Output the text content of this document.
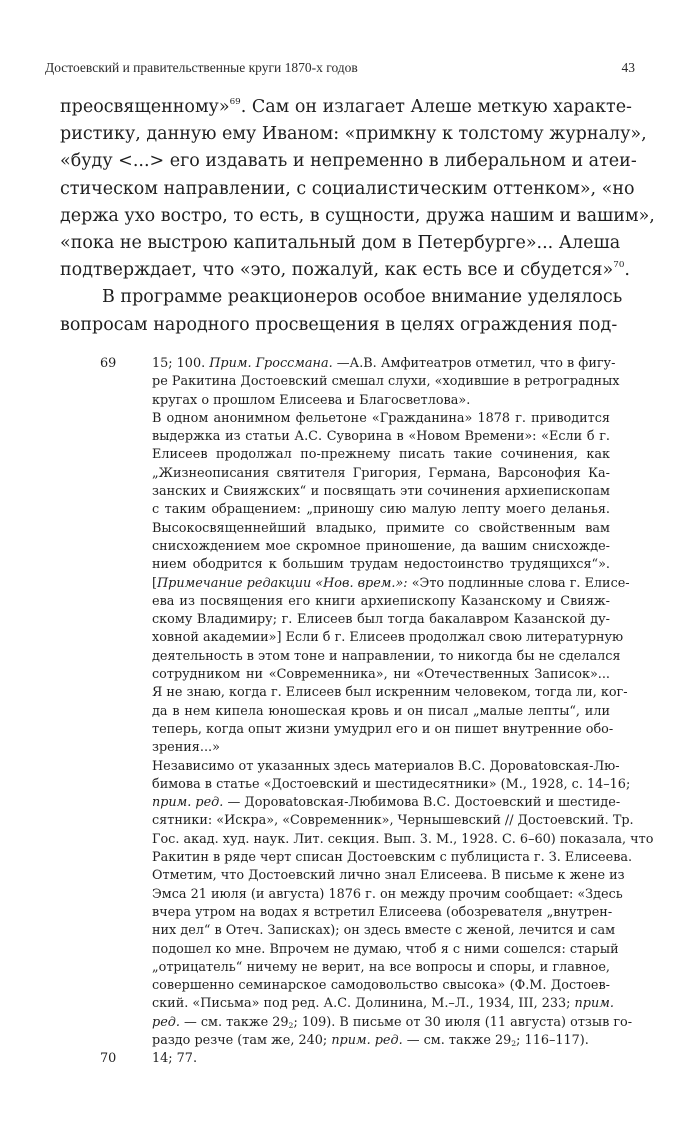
Достоевский и правительственные круги 1870-х годов	43
преосвященному»$^{69}$. Сам он излагает Алеше меткую характе-
ристику, данную ему Иваном: «примкну к толстому журналу»,
«буду <...> его издавать и непременно в либеральном и атеи-
стическом направлении, с социалистическим оттенком», «но
держа ухо востро, то есть, в сущности, дружа нашим и вашим»,
«пока не выстрою капитальный дом в Петербурге»... Алеша
подтверждает, что «это, пожалуй, как есть все и сбудется»$^{70}$.
В программе реакционеров особое внимание уделялось
вопросам народного просвещения в целях ограждения под-
69	15; 100. Прим. Гроссмана. —А.В. Амфитеатров отметил, что в фигу-
ре Ракитина Достоевский смешал слухи, «ходившие в ретроградных
кругах о прошлом Елисеева и Благосветлова».
В одном анонимном фельетоне «Гражданина» 1878 г. приводится
выдержка из статьи А.С. Суворина в «Новом Времени»: «Если б г.
Елисеев продолжал по-прежнему писать такие сочинения, как
„Жизнеописания святителя Григория, Германа, Варсонофия Ка-
занских и Свияжских“ и посвящать эти сочинения архиепископам
с таким обращением: „приношу сию малую лепту моего деланья.
Высокосвященнейший владыко, примите со свойственным вам
снисхождением мое скромное приношение, да вашим снисхожде-
нием ободрится к большим трудам недостоинство трудящихся“».
[Примечание редакции «Нов. врем.»: «Это подлинные слова г. Елисе-
ева из посвящения его книги архиепископу Казанскому и Свияж-
скому Владимиру; г. Елисеев был тогда бакалавром Казанской ду-
ховной академии»] Если б г. Елисеев продолжал свою литературную
деятельность в этом тоне и направлении, то никогда бы не сделался
сотрудником ни «Современника», ни «Отечественных Записок»...
Я не знаю, когда г. Елисеев был искренним человеком, тогда ли, ког-
да в нем кипела юношеская кровь и он писал „малые лепты“, или
теперь, когда опыт жизни умудрил его и он пишет внутренние обо-
зрения...»
Независимо от указанных здесь материалов В.С. Доровatовская-Лю-
бимова в статье «Достоевский и шестидесятники» (М., 1928, с. 14–16;
прим. ред. — Доровatовская-Любимова В.С. Достоевский и шестиде-
сятники: «Искра», «Современник», Чернышевский // Достоевский. Тр.
Гос. акад. худ. наук. Лит. секция. Вып. 3. М., 1928. С. 6–60) показала, что
Ракитин в ряде черт списан Достоевским с публициста г. З. Елисеева.
Отметим, что Достоевский лично знал Елисеева. В письме к жене из
Эмса 21 июля (и августа) 1876 г. он между прочим сообщает: «Здесь
вчера утром на водах я встретил Елисеева (обозревателя „внутрен-
них дел“ в Отеч. Записках); он здесь вместе с женой, лечится и сам
подошел ко мне. Впрочем не думаю, чтоб я с ними сошелся: старый
„отрицатель“ ничему не верит, на все вопросы и споры, и главное,
совершенно семинарское самодовольство свысока» (Ф.М. Достоев-
ский. «Письма» под ред. А.С. Долинина, М.–Л., 1934, III, 233; прим.
ред. — см. также $29_2$; 109). В письме от 30 июля (11 августа) отзыв го-
раздо резче (там же, 240; прим. ред. — см. также $29_2$; 116–117).
70	14; 77.
